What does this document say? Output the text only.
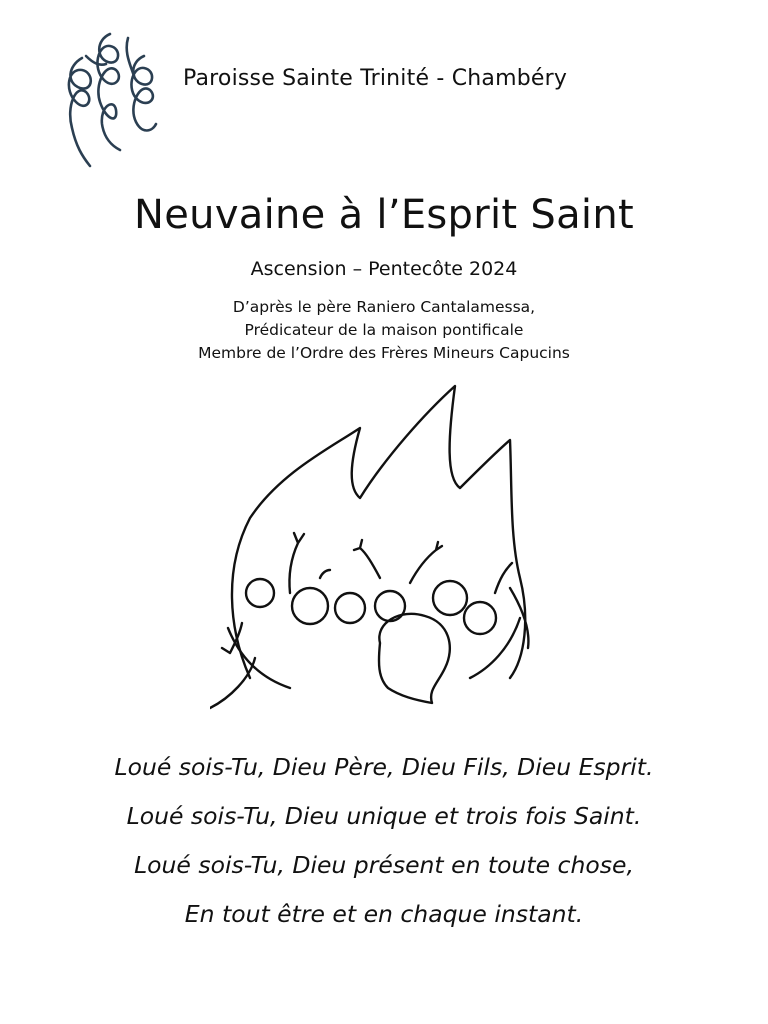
Paroisse Sainte Trinité - Chambéry
Neuvaine à l’Esprit Saint
Ascension – Pentecôte 2024
D’après le père Raniero Cantalamessa,
Prédicateur de la maison pontificale
Membre de l’Ordre des Frères Mineurs Capucins
Loué sois-Tu, Dieu Père, Dieu Fils, Dieu Esprit.
Loué sois-Tu, Dieu unique et trois fois Saint.
Loué sois-Tu, Dieu présent en toute chose,
En tout être et en chaque instant.
